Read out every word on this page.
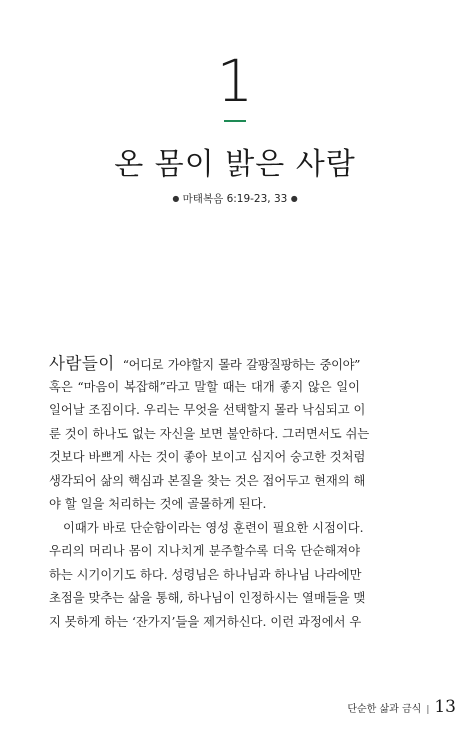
1
온 몸이 밝은 사람
● 마태복음 6:19-23, 33 ●
사람들이 “어디로 가야할지 몰라 갈팡질팡하는 중이야”
혹은 “마음이 복잡해”라고 말할 때는 대개 좋지 않은 일이
일어날 조짐이다. 우리는 무엇을 선택할지 몰라 낙심되고 이
룬 것이 하나도 없는 자신을 보면 불안하다. 그러면서도 쉬는
것보다 바쁘게 사는 것이 좋아 보이고 심지어 숭고한 것처럼
생각되어 삶의 핵심과 본질을 찾는 것은 접어두고 현재의 해
야 할 일을 처리하는 것에 골몰하게 된다.
이때가 바로 단순함이라는 영성 훈련이 필요한 시점이다.
우리의 머리나 몸이 지나치게 분주할수록 더욱 단순해져야
하는 시기이기도 하다. 성령님은 하나님과 하나님 나라에만
초점을 맞추는 삶을 통해, 하나님이 인정하시는 열매들을 맺
지 못하게 하는 ‘잔가지’들을 제거하신다. 이런 과정에서 우
단순한 삶과 금식 | 13
